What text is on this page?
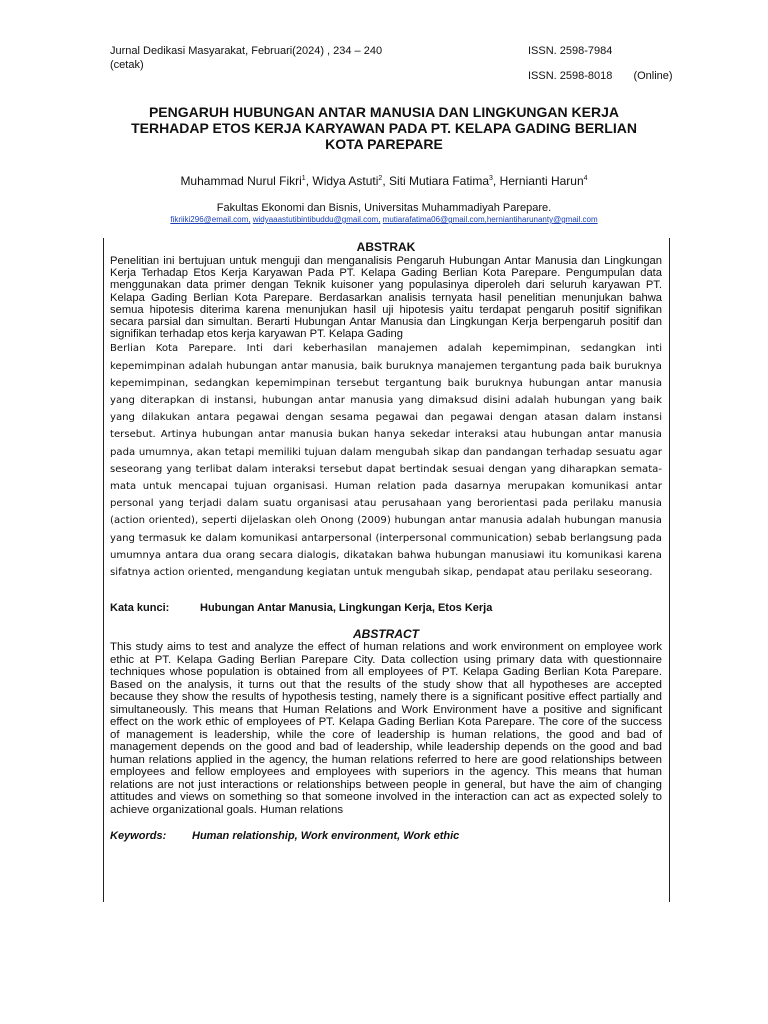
Jurnal Dedikasi Masyarakat, Februari(2024) , 234 – 240
(cetak)
ISSN. 2598-7984
ISSN. 2598-8018 (Online)
PENGARUH HUBUNGAN ANTAR MANUSIA DAN LINGKUNGAN KERJA TERHADAP ETOS KERJA KARYAWAN PADA PT. KELAPA GADING BERLIAN KOTA PAREPARE
Muhammad Nurul Fikri$^1$, Widya Astuti$^2$, Siti Mutiara Fatima$^3$, Hernianti Harun$^4$
Fakultas Ekonomi dan Bisnis, Universitas Muhammadiyah Parepare.
fikriiki296@email.com, widyaaastutibintibuddu@gmail.com, mutiarafatima06@gmail.com,herniantiharunanty@gmail.com
ABSTRAK

Penelitian ini bertujuan untuk menguji dan menganalisis Pengaruh Hubungan Antar Manusia dan Lingkungan Kerja Terhadap Etos Kerja Karyawan Pada PT. Kelapa Gading Berlian Kota Parepare. Pengumpulan data menggunakan data primer dengan Teknik kuisoner yang populasinya diperoleh dari seluruh karyawan PT. Kelapa Gading Berlian Kota Parepare. Berdasarkan analisis ternyata hasil penelitian menunjukan bahwa semua hipotesis diterima karena menunjukan hasil uji hipotesis yaitu terdapat pengaruh positif signifikan secara parsial dan simultan. Berarti Hubungan Antar Manusia dan Lingkungan Kerja berpengaruh positif dan signifikan terhadap etos kerja karyawan PT. Kelapa Gading

Berlian Kota Parepare. Inti dari keberhasilan manajemen adalah kepemimpinan, sedangkan inti kepemimpinan adalah hubungan antar manusia, baik buruknya manajemen tergantung pada baik buruknya kepemimpinan, sedangkan kepemimpinan tersebut tergantung baik buruknya hubungan antar manusia yang diterapkan di instansi, hubungan antar manusia yang dimaksud disini adalah hubungan yang baik yang dilakukan antara pegawai dengan sesama pegawai dan pegawai dengan atasan dalam instansi tersebut. Artinya hubungan antar manusia bukan hanya sekedar interaksi atau hubungan antar manusia pada umumnya, akan tetapi memiliki tujuan dalam mengubah sikap dan pandangan terhadap sesuatu agar seseorang yang terlibat dalam interaksi tersebut dapat bertindak sesuai dengan yang diharapkan semata-mata untuk mencapai tujuan organisasi. Human relation pada dasarnya merupakan komunikasi antar personal yang terjadi dalam suatu organisasi atau perusahaan yang berorientasi pada perilaku manusia (action oriented), seperti dijelaskan oleh Onong (2009) hubungan antar manusia adalah hubungan manusia yang termasuk ke dalam komunikasi antarpersonal (interpersonal communication) sebab berlangsung pada umumnya antara dua orang secara dialogis, dikatakan bahwa hubungan manusiawi itu komunikasi karena sifatnya action oriented, mengandung kegiatan untuk mengubah sikap, pendapat atau perilaku seseorang.

Kata kunci:	Hubungan Antar Manusia, Lingkungan Kerja, Etos Kerja
ABSTRACT

This study aims to test and analyze the effect of human relations and work environment on employee work ethic at PT. Kelapa Gading Berlian Parepare City. Data collection using primary data with questionnaire techniques whose population is obtained from all employees of PT. Kelapa Gading Berlian Kota Parepare. Based on the analysis, it turns out that the results of the study show that all hypotheses are accepted because they show the results of hypothesis testing, namely there is a significant positive effect partially and simultaneously. This means that Human Relations and Work Environment have a positive and significant effect on the work ethic of employees of PT. Kelapa Gading Berlian Kota Parepare. The core of the success of management is leadership, while the core of leadership is human relations, the good and bad of management depends on the good and bad of leadership, while leadership depends on the good and bad human relations applied in the agency, the human relations referred to here are good relationships between employees and fellow employees and employees with superiors in the agency. This means that human relations are not just interactions or relationships between people in general, but have the aim of changing attitudes and views on something so that someone involved in the interaction can act as expected solely to achieve organizational goals. Human relations

Keywords: Human relationship, Work environment, Work ethic
